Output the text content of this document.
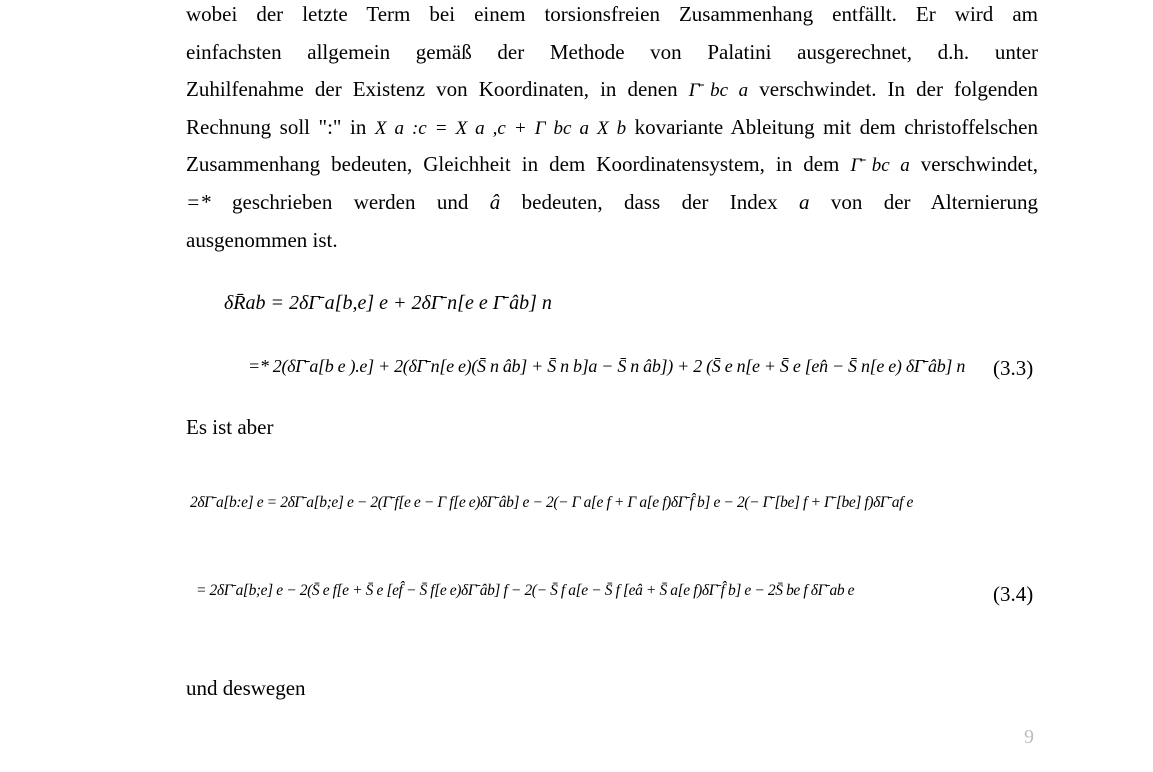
wobei der letzte Term bei einem torsionsfreien Zusammenhang entfällt. Er wird am
einfachsten allgemein gemäß der Methode von Palatini ausgerechnet, d.h. unter
Zuhilfenahme der Existenz von Koordinaten, in denen Γ̄ bc a verschwindet. In der folgenden
Rechnung soll ":" in X a :c = X a ,c + Γ bc a X b kovariante Ableitung mit dem christoffelschen
Zusammenhang bedeuten, Gleichheit in dem Koordinatensystem, in dem Γ̄ bc a verschwindet,
=* geschrieben werden und â bedeuten, dass der Index a von der Alternierung
ausgenommen ist.
δR̄ab = 2δΓ̄ a[b,e] e + 2δΓ̄ n[e e Γ̄ âb] n
=* 2(δΓ̄ a[b e ).e] + 2(δΓ̄ n[e e)(S̄ n âb] + S̄ n b]a − S̄ n âb]) + 2 (S̄ e n[e + S̄ e [en̂ − S̄ n[e e) δΓ̄ âb] n (3.3)
Es ist aber
2δΓ̄ a[b:e] e = 2δΓ̄ a[b;e] e − 2(Γ̄ f[e e − Γ f[e e)δΓ̄ âb] e − 2(− Γ a[e f + Γ a[e f)δΓ̄ f̂ b] e − 2(− Γ̄ [be] f + Γ̄ [be] f)δΓ̄ af e
= 2δΓ̄ a[b;e] e − 2(S̄ e f[e + S̄ e [ef̂ − S̄ f[e e)δΓ̄ âb] f − 2(− S̄ f a[e − S̄ f [eâ + S̄ a[e f)δΓ̄ f̂ b] e − 2S̄ be f δΓ̄ ab e	(3.4)
und deswegen
9
